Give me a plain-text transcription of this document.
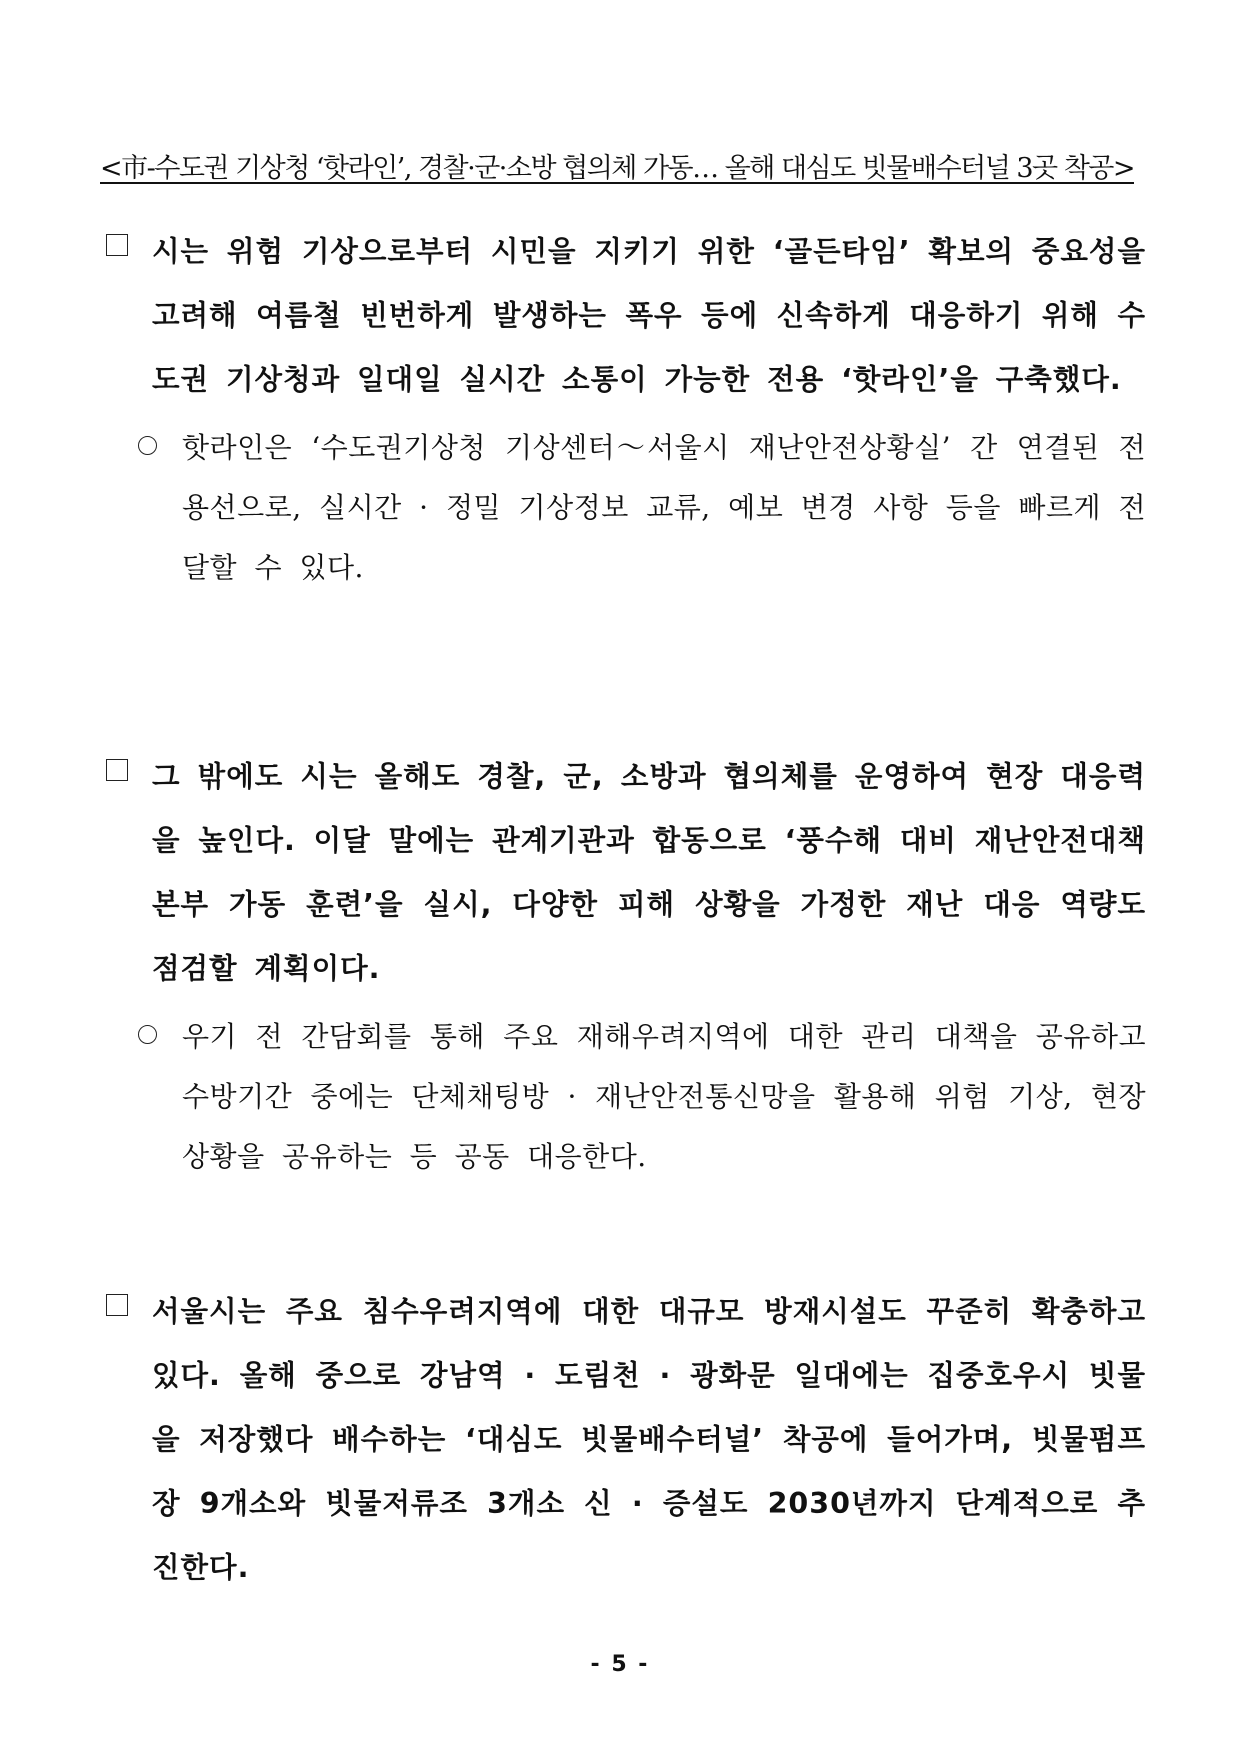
<市-수도권 기상청 ‘핫라인’, 경찰·군·소방 협의체 가동… 올해 대심도 빗물배수터널 3곳 착공>
시는 위험 기상으로부터 시민을 지키기 위한 ‘골든타임’ 확보의 중요성을 고려해 여름철 빈번하게 발생하는 폭우 등에 신속하게 대응하기 위해 수도권 기상청과 일대일 실시간 소통이 가능한 전용 ‘핫라인’을 구축했다.
핫라인은 ‘수도권기상청 기상센터～서울시 재난안전상황실’ 간 연결된 전용선으로, 실시간 · 정밀 기상정보 교류, 예보 변경 사항 등을 빠르게 전달할 수 있다.
그 밖에도 시는 올해도 경찰, 군, 소방과 협의체를 운영하여 현장 대응력을 높인다. 이달 말에는 관계기관과 합동으로 ‘풍수해 대비 재난안전대책본부 가동 훈련’을 실시, 다양한 피해 상황을 가정한 재난 대응 역량도 점검할 계획이다.
우기 전 간담회를 통해 주요 재해우려지역에 대한 관리 대책을 공유하고 수방기간 중에는 단체채팅방 · 재난안전통신망을 활용해 위험 기상, 현장상황을 공유하는 등 공동 대응한다.
서울시는 주요 침수우려지역에 대한 대규모 방재시설도 꾸준히 확충하고 있다. 올해 중으로 강남역 · 도림천 · 광화문 일대에는 집중호우시 빗물을 저장했다 배수하는 ‘대심도 빗물배수터널’ 착공에 들어가며, 빗물펌프장 9개소와 빗물저류조 3개소 신 · 증설도 2030년까지 단계적으로 추진한다.
- 5 -
